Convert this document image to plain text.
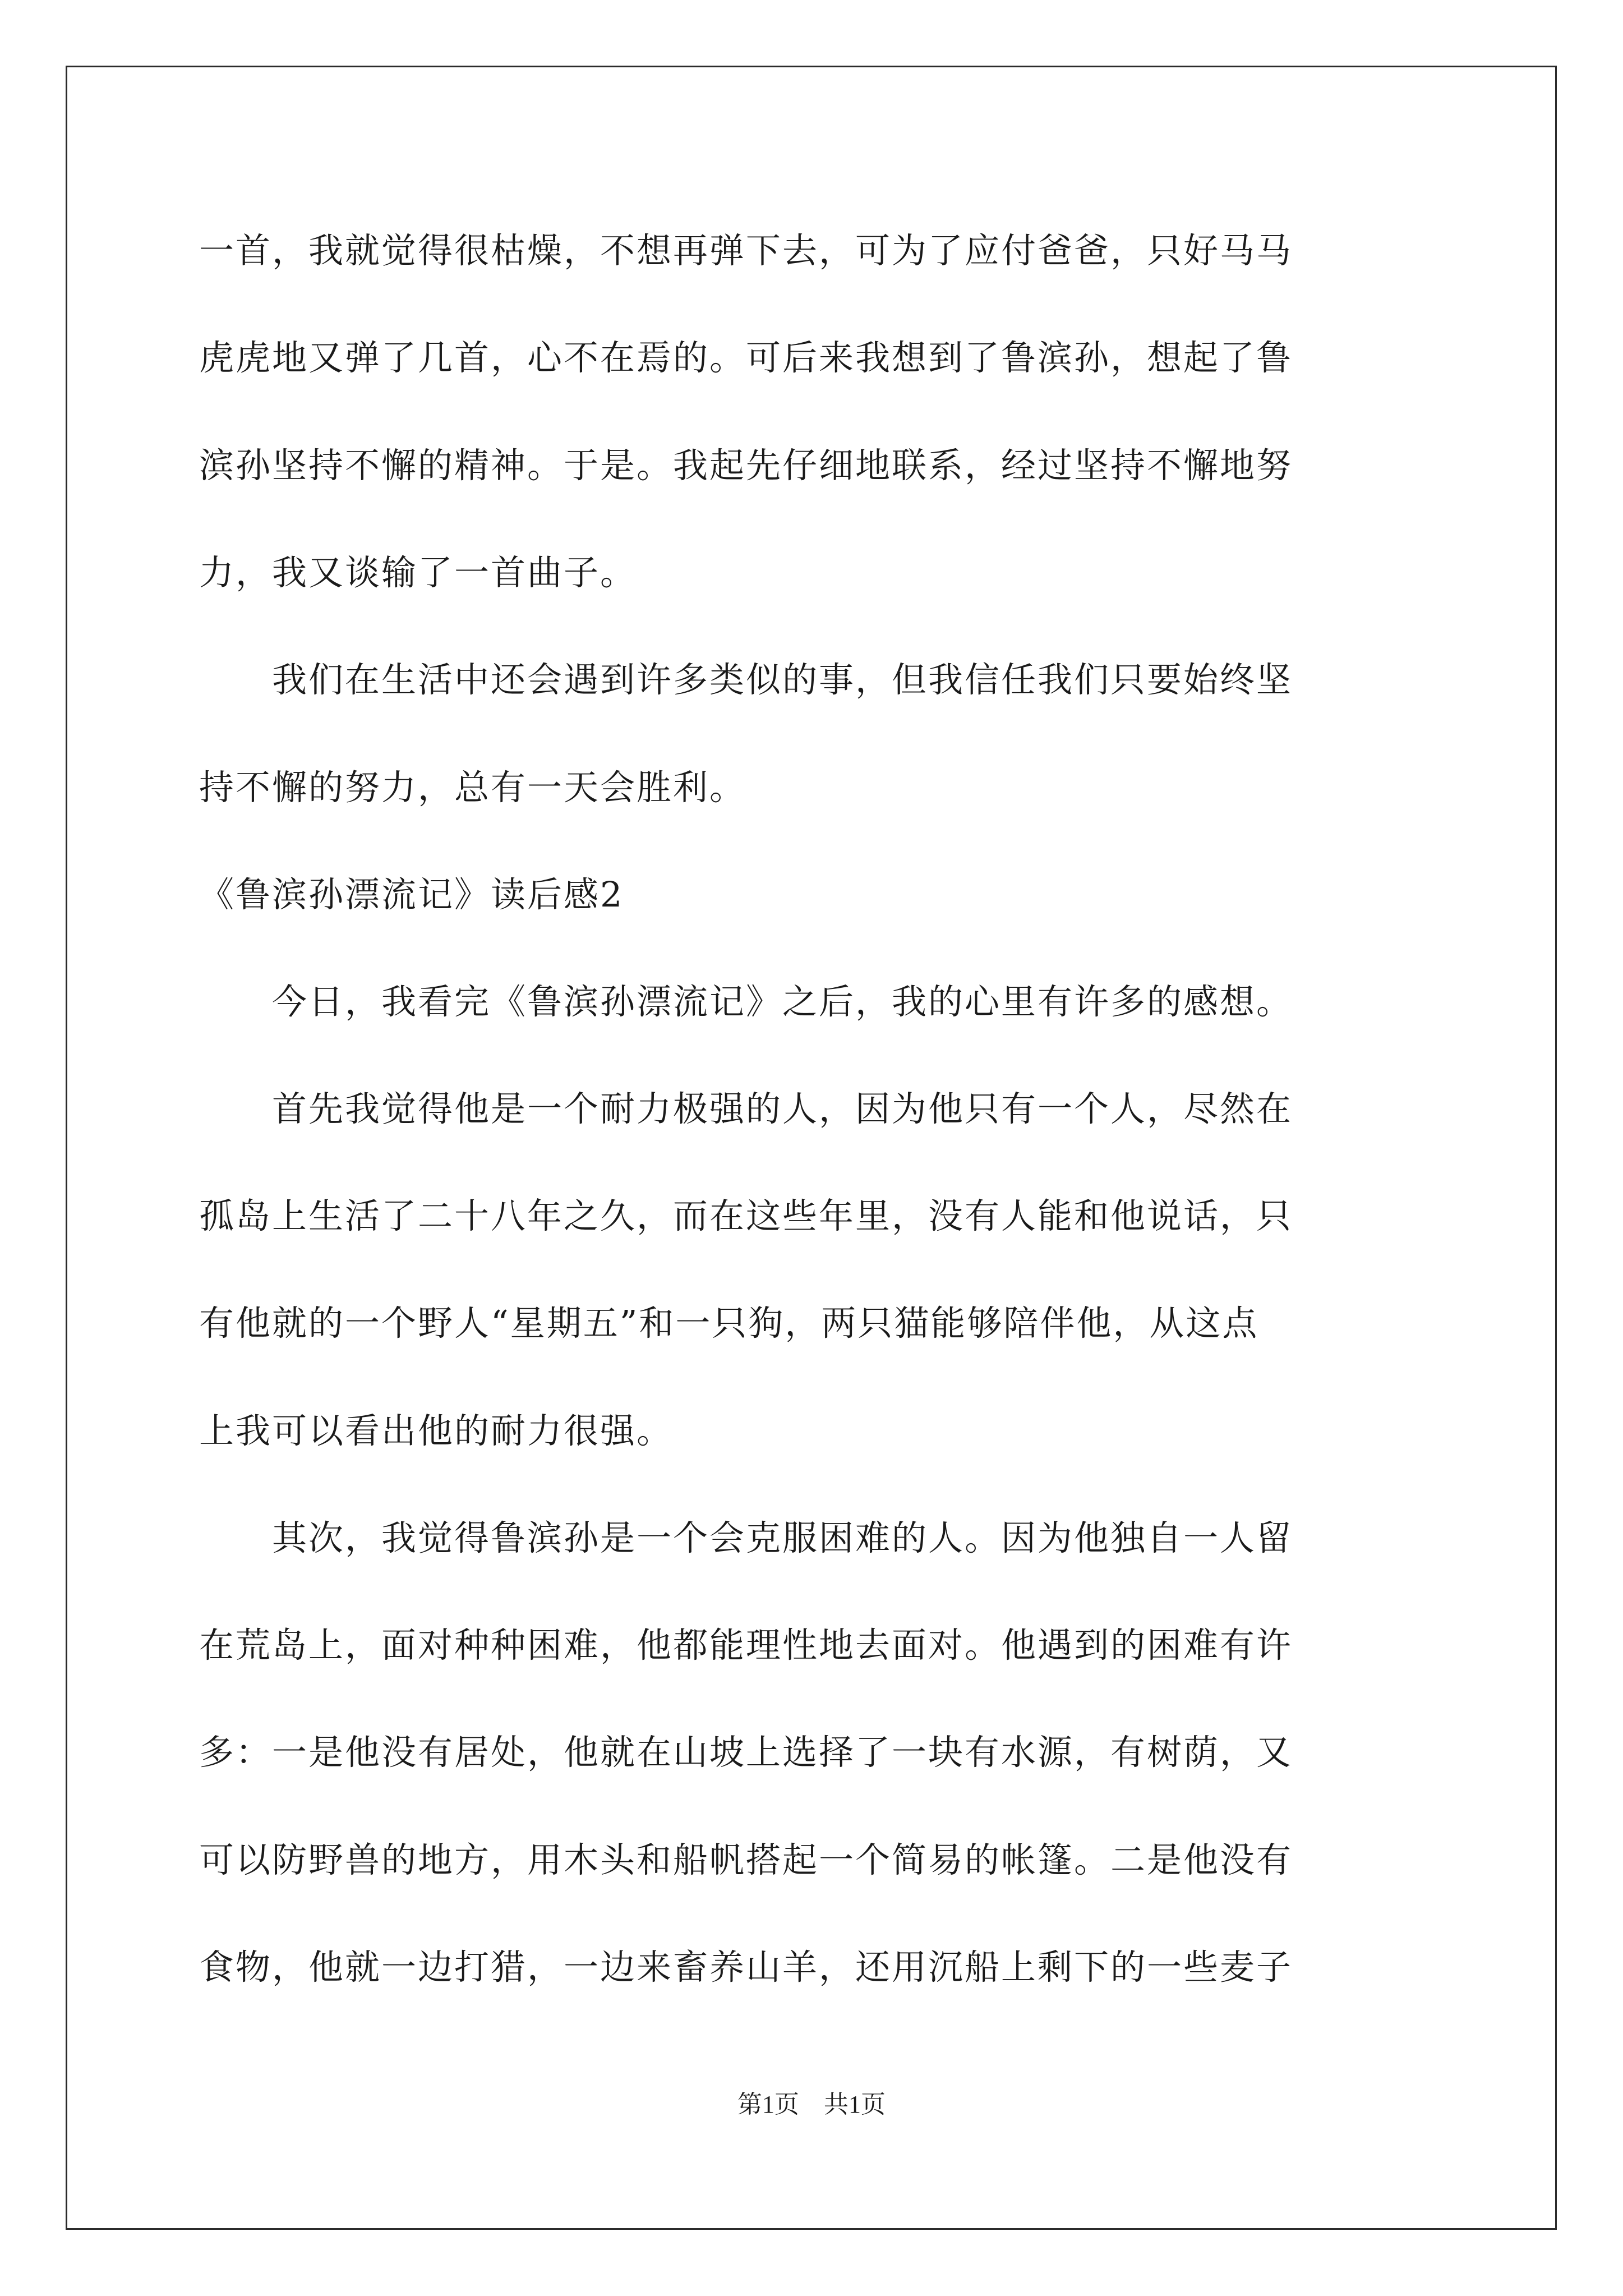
一首，我就觉得很枯燥，不想再弹下去，可为了应付爸爸，只好马马
虎虎地又弹了几首，心不在焉的。可后来我想到了鲁滨孙，想起了鲁
滨孙坚持不懈的精神。于是。我起先仔细地联系，经过坚持不懈地努
力，我又谈输了一首曲子。
　　我们在生活中还会遇到许多类似的事，但我信任我们只要始终坚
持不懈的努力，总有一天会胜利。
《鲁滨孙漂流记》读后感2
　　今日，我看完《鲁滨孙漂流记》之后，我的心里有许多的感想。
　　首先我觉得他是一个耐力极强的人，因为他只有一个人，尽然在
孤岛上生活了二十八年之久，而在这些年里，没有人能和他说话，只
有他就的一个野人“星期五”和一只狗，两只猫能够陪伴他，从这点
上我可以看出他的耐力很强。
　　其次，我觉得鲁滨孙是一个会克服困难的人。因为他独自一人留
在荒岛上，面对种种困难，他都能理性地去面对。他遇到的困难有许
多：一是他没有居处，他就在山坡上选择了一块有水源，有树荫，又
可以防野兽的地方，用木头和船帆搭起一个简易的帐篷。二是他没有
食物，他就一边打猎，一边来畜养山羊，还用沉船上剩下的一些麦子
第1页　共1页
